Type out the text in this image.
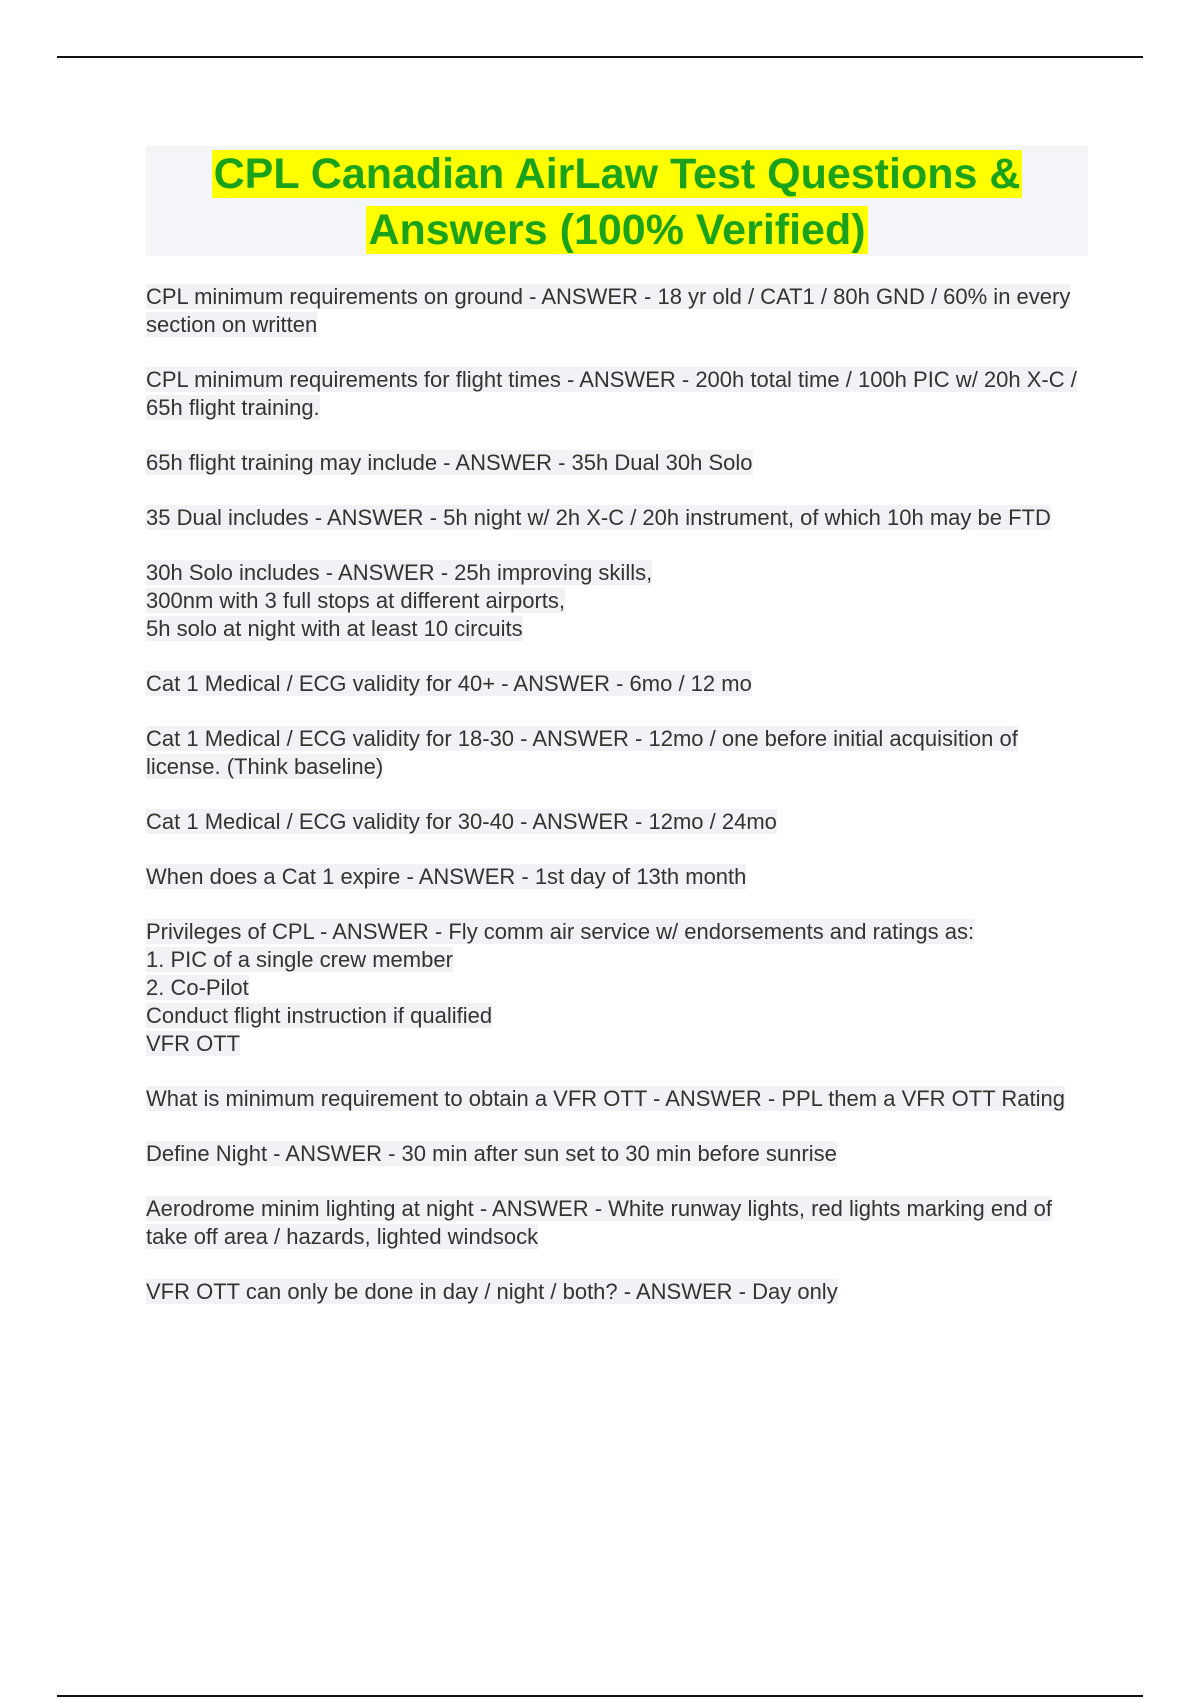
CPL Canadian AirLaw Test Questions & Answers (100% Verified)
CPL minimum requirements on ground - ANSWER - 18 yr old / CAT1 / 80h GND / 60% in every section on written
CPL minimum requirements for flight times - ANSWER - 200h total time / 100h PIC w/ 20h X-C / 65h flight training.
65h flight training may include - ANSWER - 35h Dual 30h Solo
35 Dual includes - ANSWER - 5h night w/ 2h X-C / 20h instrument, of which 10h may be FTD
30h Solo includes - ANSWER - 25h improving skills,
300nm with 3 full stops at different airports,
5h solo at night with at least 10 circuits
Cat 1 Medical / ECG validity for 40+ - ANSWER - 6mo / 12 mo
Cat 1 Medical / ECG validity for 18-30 - ANSWER - 12mo / one before initial acquisition of license. (Think baseline)
Cat 1 Medical / ECG validity for 30-40 - ANSWER - 12mo / 24mo
When does a Cat 1 expire - ANSWER - 1st day of 13th month
Privileges of CPL - ANSWER - Fly comm air service w/ endorsements and ratings as:
1. PIC of a single crew member
2. Co-Pilot
Conduct flight instruction if qualified
VFR OTT
What is minimum requirement to obtain a VFR OTT - ANSWER - PPL them a VFR OTT Rating
Define Night - ANSWER - 30 min after sun set to 30 min before sunrise
Aerodrome minim lighting at night - ANSWER - White runway lights, red lights marking end of take off area / hazards, lighted windsock
VFR OTT can only be done in day / night / both? - ANSWER - Day only
